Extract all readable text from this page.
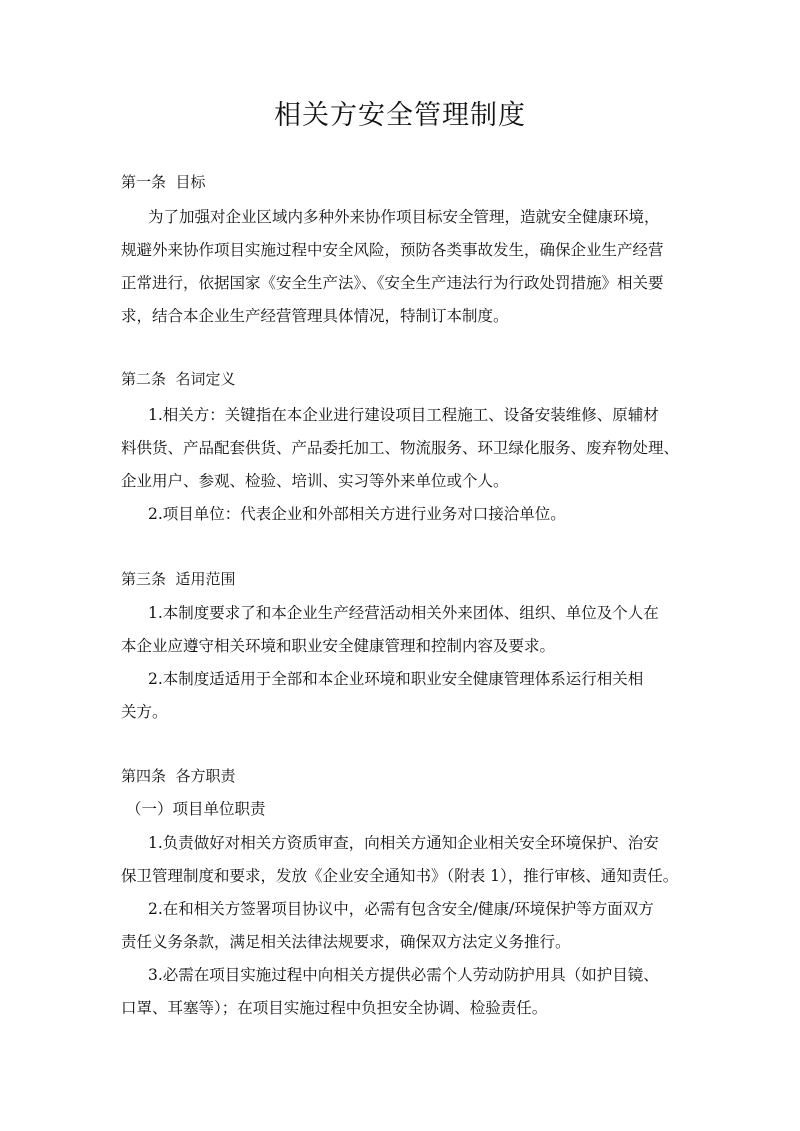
相关方安全管理制度
第一条  目标
为了加强对企业区域内多种外来协作项目标安全管理，造就安全健康环境，
规避外来协作项目实施过程中安全风险，预防各类事故发生，确保企业生产经营
正常进行，依据国家《安全生产法》、《安全生产违法行为行政处罚措施》相关要
求，结合本企业生产经营管理具体情况，特制订本制度。
第二条  名词定义
1.相关方：关键指在本企业进行建设项目工程施工、设备安装维修、原辅材
料供货、产品配套供货、产品委托加工、物流服务、环卫绿化服务、废弃物处理、
企业用户、参观、检验、培训、实习等外来单位或个人。
2.项目单位：代表企业和外部相关方进行业务对口接洽单位。
第三条  适用范围
1.本制度要求了和本企业生产经营活动相关外来团体、组织、单位及个人在
本企业应遵守相关环境和职业安全健康管理和控制内容及要求。
2.本制度适适用于全部和本企业环境和职业安全健康管理体系运行相关相
关方。
第四条  各方职责
（一）项目单位职责
1.负责做好对相关方资质审查，向相关方通知企业相关安全环境保护、治安
保卫管理制度和要求，发放《企业安全通知书》（附表 1），推行审核、通知责任。
2.在和相关方签署项目协议中，必需有包含安全/健康/环境保护等方面双方
责任义务条款，满足相关法律法规要求，确保双方法定义务推行。
3.必需在项目实施过程中向相关方提供必需个人劳动防护用具（如护目镜、
口罩、耳塞等）；在项目实施过程中负担安全协调、检验责任。
